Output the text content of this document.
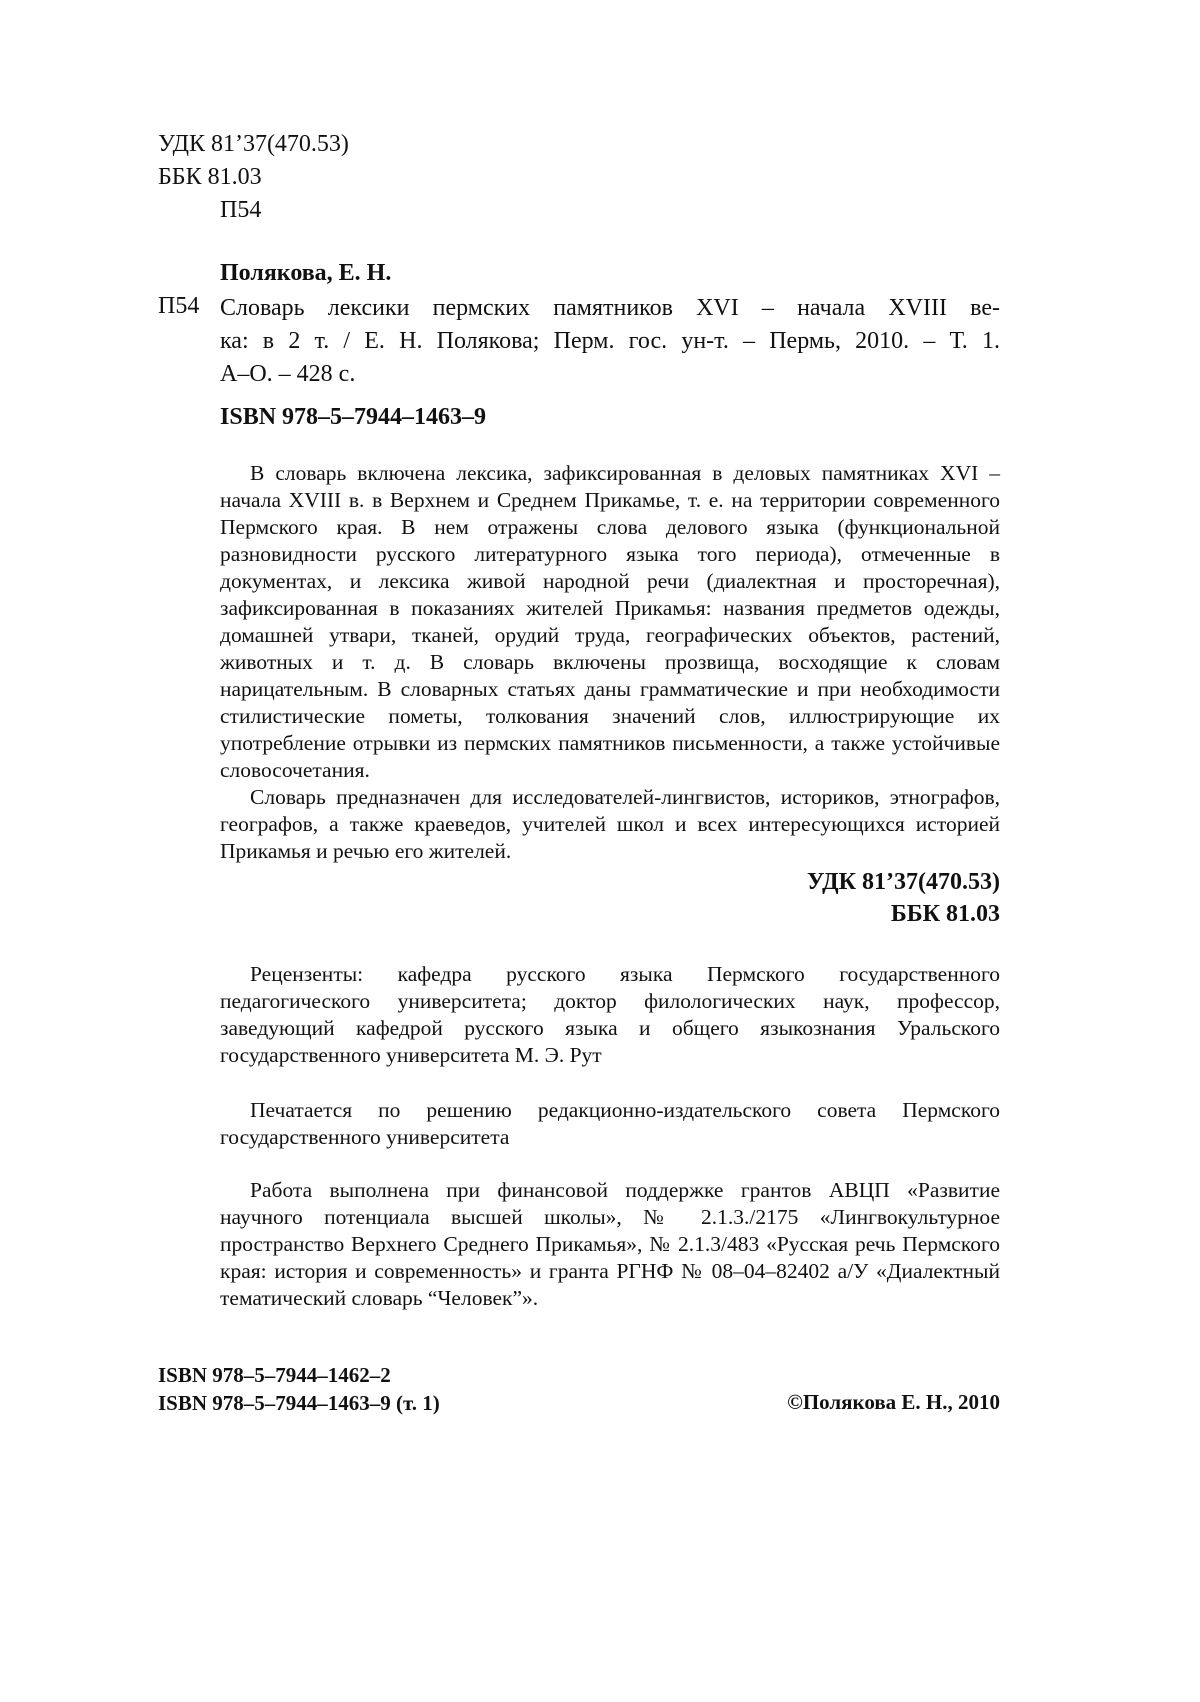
УДК 81’37(470.53)
ББК 81.03
П54
Полякова, Е. Н.
П54 Словарь лексики пермских памятников XVI – начала XVIII ве-
ка: в 2 т. / Е. Н. Полякова; Перм. гос. ун-т. – Пермь, 2010. – Т. 1.
А–О. – 428 с.
ISBN 978–5–7944–1463–9

В словарь включена лексика, зафиксированная в деловых памятниках XVI – начала XVIII в. в Верхнем и Среднем Прикамье, т. е. на территории современного Пермского края. В нем отражены слова делового языка (функциональной разновидности русского литературного языка того периода), отмеченные в документах, и лексика живой народной речи (диалектная и просторечная), зафиксированная в показаниях жителей Прикамья: названия предметов одежды, домашней утвари, тканей, орудий труда, географических объектов, растений, животных и т. д. В словарь включены прозвища, восходящие к словам нарицательным. В словарных статьях даны грамматические и при необходимости стилистические пометы, толкования значений слов, иллюстрирующие их употребление отрывки из пермских памятников письменности, а также устойчивые словосочетания.

Словарь предназначен для исследователей-лингвистов, историков, этнографов, географов, а также краеведов, учителей школ и всех интересующихся историей Прикамья и речью его жителей.

УДК 81’37(470.53)
ББК 81.03

Рецензенты: кафедра русского языка Пермского государственного педагогического университета; доктор филологических наук, профессор, заведующий кафедрой русского языка и общего языкознания Уральского государственного университета М. Э. Рут

Печатается по решению редакционно-издательского совета Пермского государственного университета

Работа выполнена при финансовой поддержке грантов АВЦП «Развитие научного потенциала высшей школы», № 2.1.3./2175 «Лингвокультурное пространство Верхнего Среднего Прикамья», № 2.1.3/483 «Русская речь Пермского края: история и современность» и гранта РГНФ № 08–04–82402 а/У «Диалектный тематический словарь “Человек”».

ISBN 978–5–7944–1462–2
ISBN 978–5–7944–1463–9 (т. 1)	©Полякова Е. Н., 2010
